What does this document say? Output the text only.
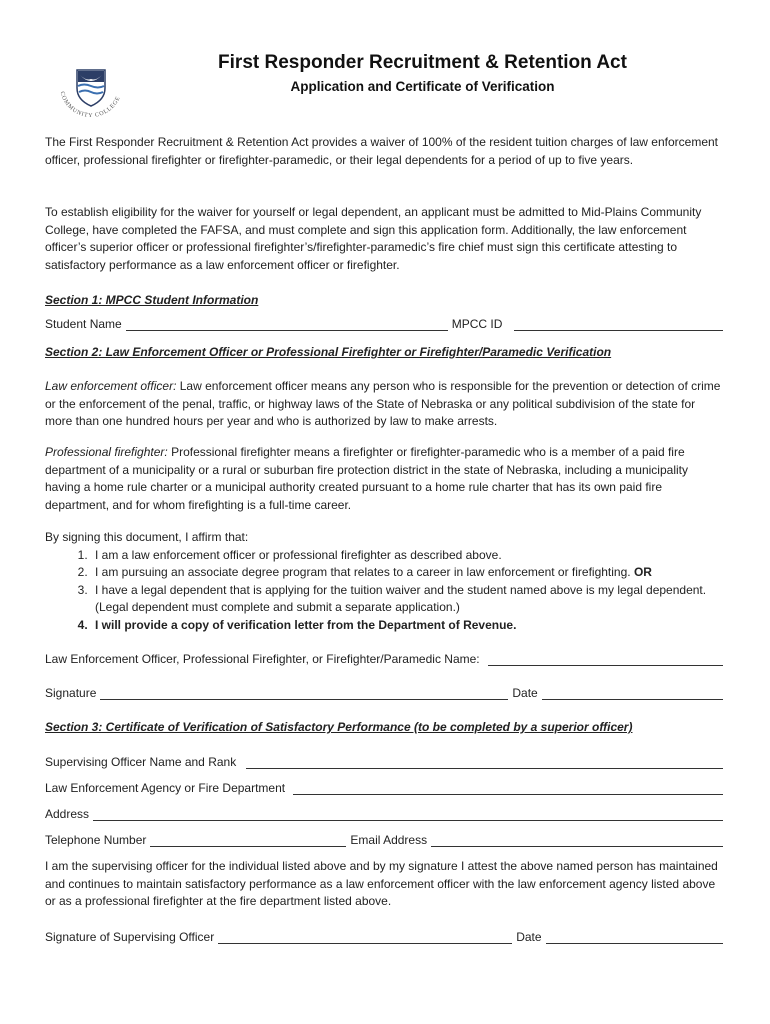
COMMUNITY COLLEGE
First Responder Recruitment & Retention Act
Application and Certificate of Verification

The First Responder Recruitment & Retention Act provides a waiver of 100% of the resident tuition charges of law enforcement officer, professional firefighter or firefighter-paramedic, or their legal dependents for a period of up to five years.

To establish eligibility for the waiver for yourself or legal dependent, an applicant must be admitted to Mid-Plains Community College, have completed the FAFSA, and must complete and sign this application form. Additionally, the law enforcement officer’s superior officer or professional firefighter’s/firefighter-paramedic’s fire chief must sign this certificate attesting to satisfactory performance as a law enforcement officer or firefighter.

Section 1: MPCC Student Information
Student Name	MPCC ID
Section 2: Law Enforcement Officer or Professional Firefighter or Firefighter/Paramedic Verification

Law enforcement officer: Law enforcement officer means any person who is responsible for the prevention or detection of crime or the enforcement of the penal, traffic, or highway laws of the State of Nebraska or any political subdivision of the state for more than one hundred hours per year and who is authorized by law to make arrests.

Professional firefighter: Professional firefighter means a firefighter or firefighter-paramedic who is a member of a paid fire department of a municipality or a rural or suburban fire protection district in the state of Nebraska, including a municipality having a home rule charter or a municipal authority created pursuant to a home rule charter that has its own paid fire department, and for whom firefighting is a full-time career.

By signing this document, I affirm that:
1. I am a law enforcement officer or professional firefighter as described above.
2. I am pursuing an associate degree program that relates to a career in law enforcement or firefighting. OR
3. I have a legal dependent that is applying for the tuition waiver and the student named above is my legal dependent. (Legal dependent must complete and submit a separate application.)
4. I will provide a copy of verification letter from the Department of Revenue.
Law Enforcement Officer, Professional Firefighter, or Firefighter/Paramedic Name:
Signature	Date
Section 3: Certificate of Verification of Satisfactory Performance (to be completed by a superior officer)
Supervising Officer Name and Rank
Law Enforcement Agency or Fire Department
Address
Telephone Number	Email Address

I am the supervising officer for the individual listed above and by my signature I attest the above named person has maintained and continues to maintain satisfactory performance as a law enforcement officer with the law enforcement agency listed above or as a professional firefighter at the fire department listed above.

Signature of Supervising Officer	Date
